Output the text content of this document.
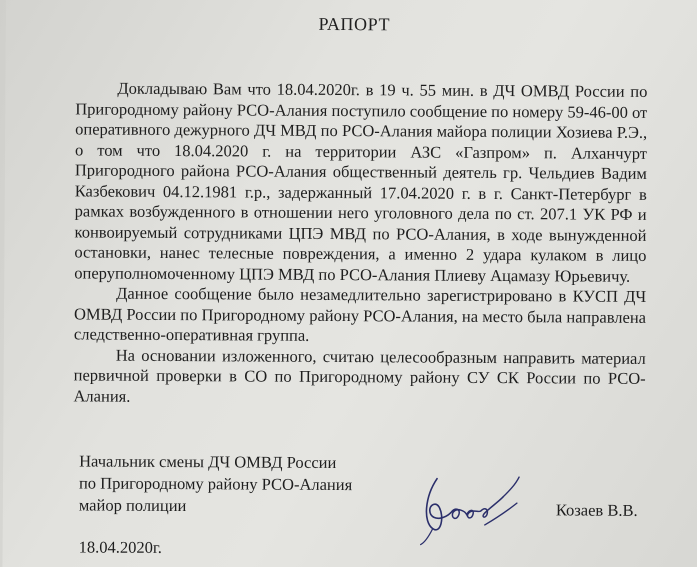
РАПОРТ

Докладываю Вам что 18.04.2020г. в 19 ч. 55 мин. в ДЧ ОМВД России по Пригородному району РСО-Алания поступило сообщение по номеру 59-46-00 от оперативного дежурного ДЧ МВД по РСО-Алания майора полиции Хозиева Р.Э., о том что 18.04.2020 г. на территории АЗС «Газпром» п. Алханчурт Пригородного района РСО-Алания общественный деятель гр. Чельдиев Вадим Казбекович 04.12.1981 г.р., задержанный 17.04.2020 г. в г. Санкт-Петербург в рамках возбужденного в отношении него уголовного дела по ст. 207.1 УК РФ и конвоируемый сотрудниками ЦПЭ МВД по РСО-Алания, в ходе вынужденной остановки, нанес телесные повреждения, а именно 2 удара кулаком в лицо оперуполномоченному ЦПЭ МВД по РСО-Алания Плиеву Ацамазу Юрьевичу.

Данное сообщение было незамедлительно зарегистрировано в КУСП ДЧ ОМВД России по Пригородному району РСО-Алания, на место была направлена следственно-оперативная группа.

На основании изложенного, считаю целесообразным направить материал первичной проверки в СО по Пригородному району СУ СК России по РСО-Алания.

Начальник смены ДЧ ОМВД России
по Пригородному району РСО-Алания
майор полиции	Козаев В.В.
18.04.2020г.
